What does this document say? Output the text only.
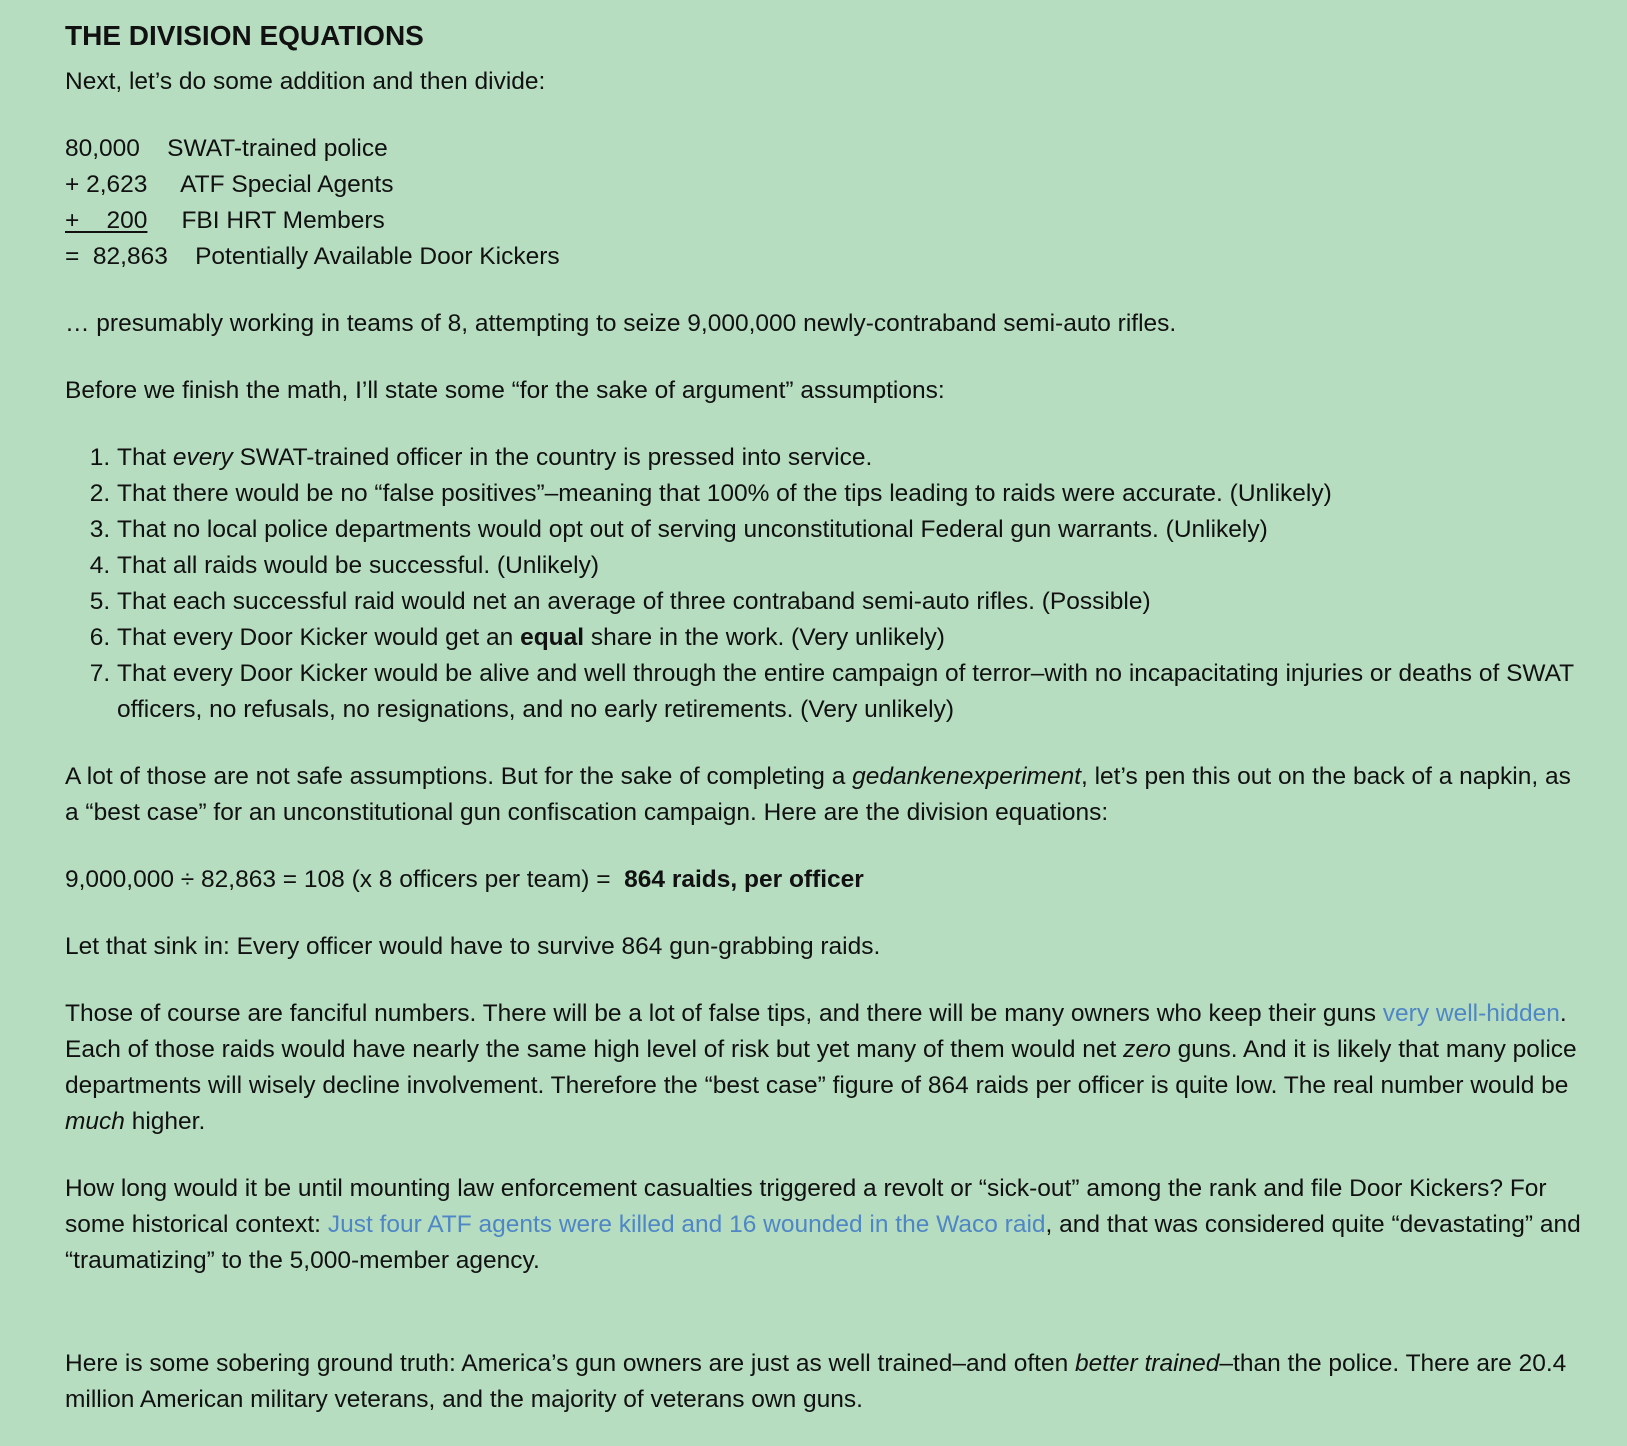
THE DIVISION EQUATIONS

Next, let’s do some addition and then divide:

80,000 SWAT-trained police
+ 2,623 ATF Special Agents
+    200 FBI HRT Members
=  82,863 Potentially Available Door Kickers

… presumably working in teams of 8, attempting to seize 9,000,000 newly-contraband semi-auto rifles.

Before we finish the math, I’ll state some “for the sake of argument” assumptions:

1. That every SWAT-trained officer in the country is pressed into service.
2. That there would be no “false positives”–meaning that 100% of the tips leading to raids were accurate. (Unlikely)
3. That no local police departments would opt out of serving unconstitutional Federal gun warrants. (Unlikely)
4. That all raids would be successful. (Unlikely)
5. That each successful raid would net an average of three contraband semi-auto rifles. (Possible)
6. That every Door Kicker would get an equal share in the work. (Very unlikely)
7. That every Door Kicker would be alive and well through the entire campaign of terror–with no incapacitating injuries or deaths of SWAT officers, no refusals, no resignations, and no early retirements. (Very unlikely)

A lot of those are not safe assumptions. But for the sake of completing a gedankenexperiment, let’s pen this out on the back of a napkin, as a “best case” for an unconstitutional gun confiscation campaign. Here are the division equations:

9,000,000 ÷ 82,863 = 108 (x 8 officers per team) =  864 raids, per officer

Let that sink in: Every officer would have to survive 864 gun-grabbing raids.

Those of course are fanciful numbers. There will be a lot of false tips, and there will be many owners who keep their guns very well-hidden. Each of those raids would have nearly the same high level of risk but yet many of them would net zero guns. And it is likely that many police departments will wisely decline involvement. Therefore the “best case” figure of 864 raids per officer is quite low. The real number would be much higher.

How long would it be until mounting law enforcement casualties triggered a revolt or “sick-out” among the rank and file Door Kickers? For some historical context: Just four ATF agents were killed and 16 wounded in the Waco raid, and that was considered quite “devastating” and “traumatizing” to the 5,000-member agency.

Here is some sobering ground truth: America’s gun owners are just as well trained–and often better trained–than the police. There are 20.4 million American military veterans, and the majority of veterans own guns.
